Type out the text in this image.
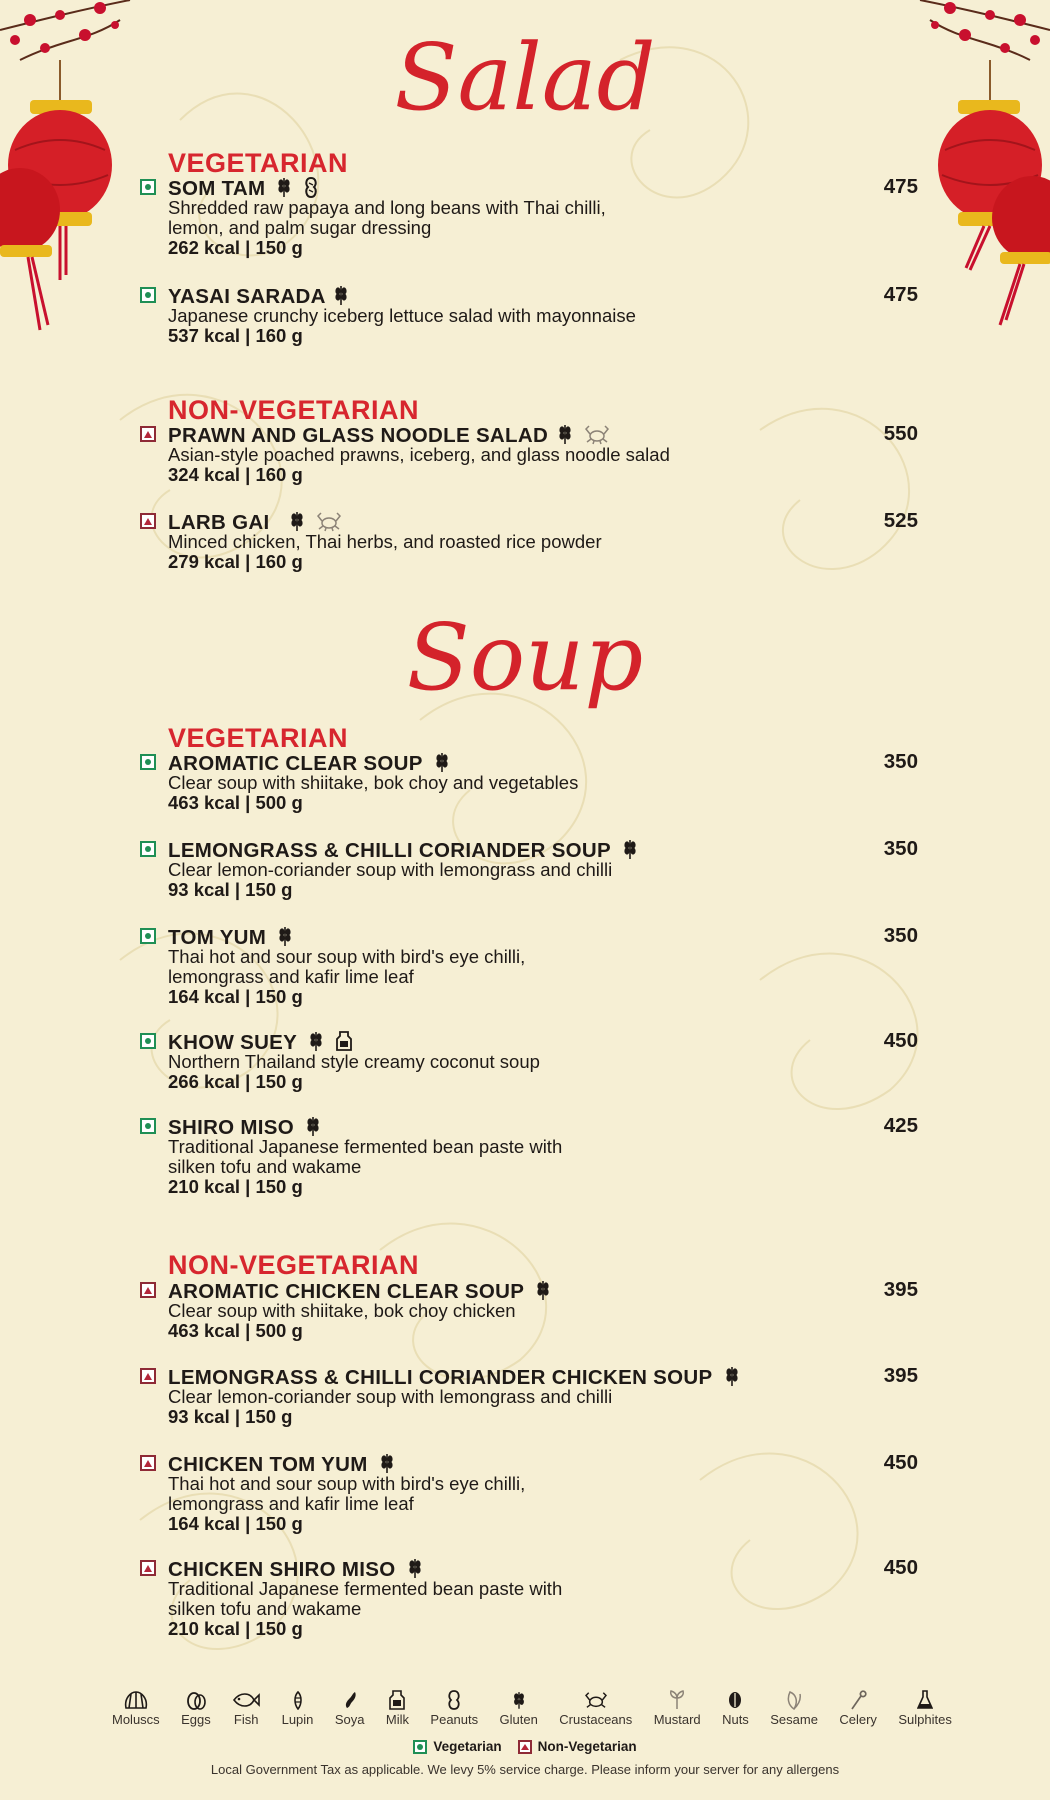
Salad
VEGETARIAN
SOM TAM	475
Shredded raw papaya and long beans with Thai chilli,
lemon, and palm sugar dressing
262 kcal | 150 g
YASAI SARADA	475
Japanese crunchy iceberg lettuce salad with mayonnaise
537 kcal | 160 g
NON-VEGETARIAN
PRAWN AND GLASS NOODLE SALAD	550
Asian-style poached prawns, iceberg, and glass noodle salad
324 kcal | 160 g
LARB GAI	525
Minced chicken, Thai herbs, and roasted rice powder
279 kcal | 160 g
Soup
VEGETARIAN
AROMATIC CLEAR SOUP	350
Clear soup with shiitake, bok choy and vegetables
463 kcal | 500 g
LEMONGRASS & CHILLI CORIANDER SOUP	350
Clear lemon-coriander soup with lemongrass and chilli
93 kcal | 150 g
TOM YUM	350
Thai hot and sour soup with bird's eye chilli,
lemongrass and kafir lime leaf
164 kcal | 150 g
KHOW SUEY	450
Northern Thailand style creamy coconut soup
266 kcal | 150 g
SHIRO MISO	425
Traditional Japanese fermented bean paste with
silken tofu and wakame
210 kcal | 150 g
NON-VEGETARIAN
AROMATIC CHICKEN CLEAR SOUP	395
Clear soup with shiitake, bok choy chicken
463 kcal | 500 g
LEMONGRASS & CHILLI CORIANDER CHICKEN SOUP	395
Clear lemon-coriander soup with lemongrass and chilli
93 kcal | 150 g
CHICKEN TOM YUM	450
Thai hot and sour soup with bird's eye chilli,
lemongrass and kafir lime leaf
164 kcal | 150 g
CHICKEN SHIRO MISO	450
Traditional Japanese fermented bean paste with
silken tofu and wakame
210 kcal | 150 g
Moluscs Eggs Fish Lupin Soya Milk Peanuts Gluten Crustaceans Mustard Nuts Sesame Celery Sulphites
Vegetarian	Non-Vegetarian
Local Government Tax as applicable. We levy 5% service charge. Please inform your server for any allergens
